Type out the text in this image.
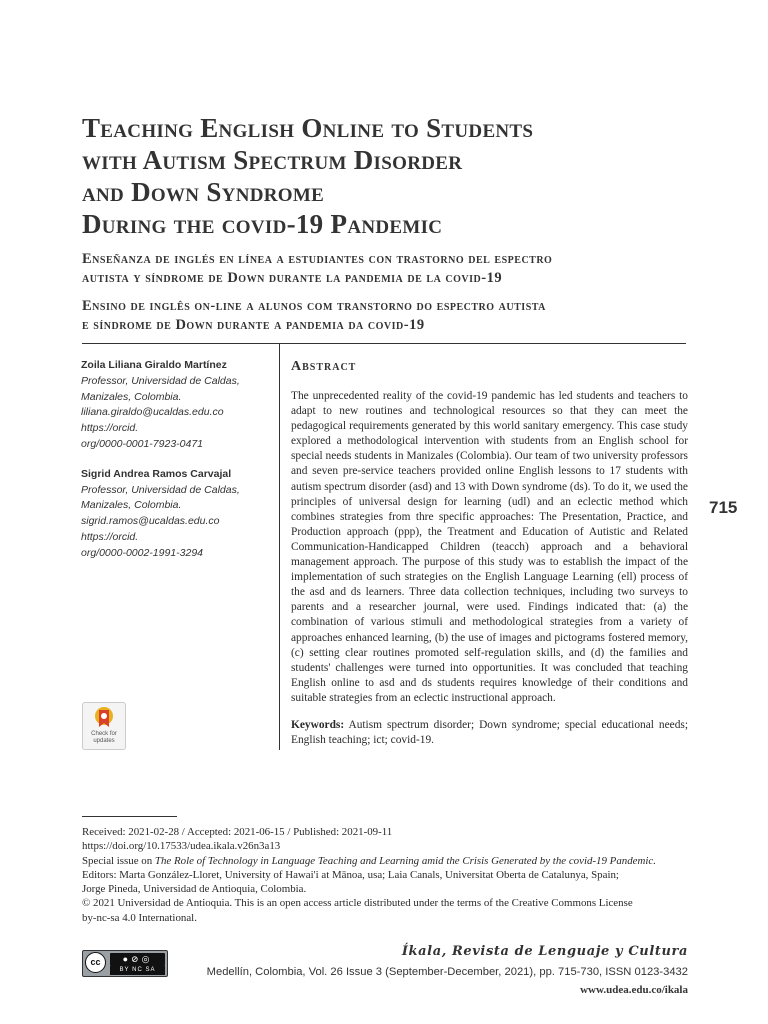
Teaching English Online to Students
with Autism Spectrum Disorder
and Down Syndrome
During the covid-19 Pandemic
Enseñanza de inglés en línea a estudiantes con trastorno del espectro
autista y síndrome de Down durante la pandemia de la covid-19
Ensino de inglês on-line a alunos com transtorno do espectro autista
e síndrome de Down durante a pandemia da covid-19
Zoila Liliana Giraldo Martínez
Professor, Universidad de Caldas,
Manizales, Colombia.
liliana.giraldo@ucaldas.edu.co
https://orcid.
org/0000-0001-7923-0471
Sigrid Andrea Ramos Carvajal
Professor, Universidad de Caldas,
Manizales, Colombia.
sigrid.ramos@ucaldas.edu.co
https://orcid.
org/0000-0002-1991-3294
Check for
updates
Abstract

The unprecedented reality of the covid-19 pandemic has led students and teachers to adapt to new routines and technological resources so that they can meet the pedagogical requirements generated by this world sanitary emergency. This case study explored a methodological intervention with students from an English school for special needs students in Manizales (Colombia). Our team of two university professors and seven pre-service teachers provided online English lessons to 17 students with autism spectrum disorder (asd) and 13 with Down syndrome (ds). To do it, we used the principles of universal design for learning (udl) and an eclectic method which combines strategies from thre specific approaches: The Presentation, Practice, and Production approach (ppp), the Treatment and Education of Autistic and Related Communication-Handicapped Children (teacch) approach and a behavioral management approach. The purpose of this study was to establish the impact of the implementation of such strategies on the English Language Learning (ell) process of the asd and ds learners. Three data collection techniques, including two surveys to parents and a researcher journal, were used. Findings indicated that: (a) the combination of various stimuli and methodological strategies from a variety of approaches enhanced learning, (b) the use of images and pictograms fostered memory, (c) setting clear routines promoted self-regulation skills, and (d) the families and students' challenges were turned into opportunities. It was concluded that teaching English online to asd and ds students requires knowledge of their conditions and suitable strategies from an eclectic instructional approach.

Keywords: Autism spectrum disorder; Down syndrome; special educational needs; English teaching; ict; covid-19.

715
Received: 2021-02-28 / Accepted: 2021-06-15 / Published: 2021-09-11
https://doi.org/10.17533/udea.ikala.v26n3a13
Special issue on The Role of Technology in Language Teaching and Learning amid the Crisis Generated by the covid-19 Pandemic.
Editors: Marta González-Lloret, University of Hawai'i at Mānoa, usa; Laia Canals, Universitat Oberta de Catalunya, Spain;
Jorge Pineda, Universidad de Antioquia, Colombia.
© 2021 Universidad de Antioquia. This is an open access article distributed under the terms of the Creative Commons License
by-nc-sa 4.0 International.
cc	●⊘◎
BY NC SA

Íkala, Revista de Lenguaje y Cultura

Medellín, Colombia, Vol. 26 Issue 3 (September-December, 2021), pp. 715-730, ISSN 0123-3432

www.udea.edu.co/ikala
